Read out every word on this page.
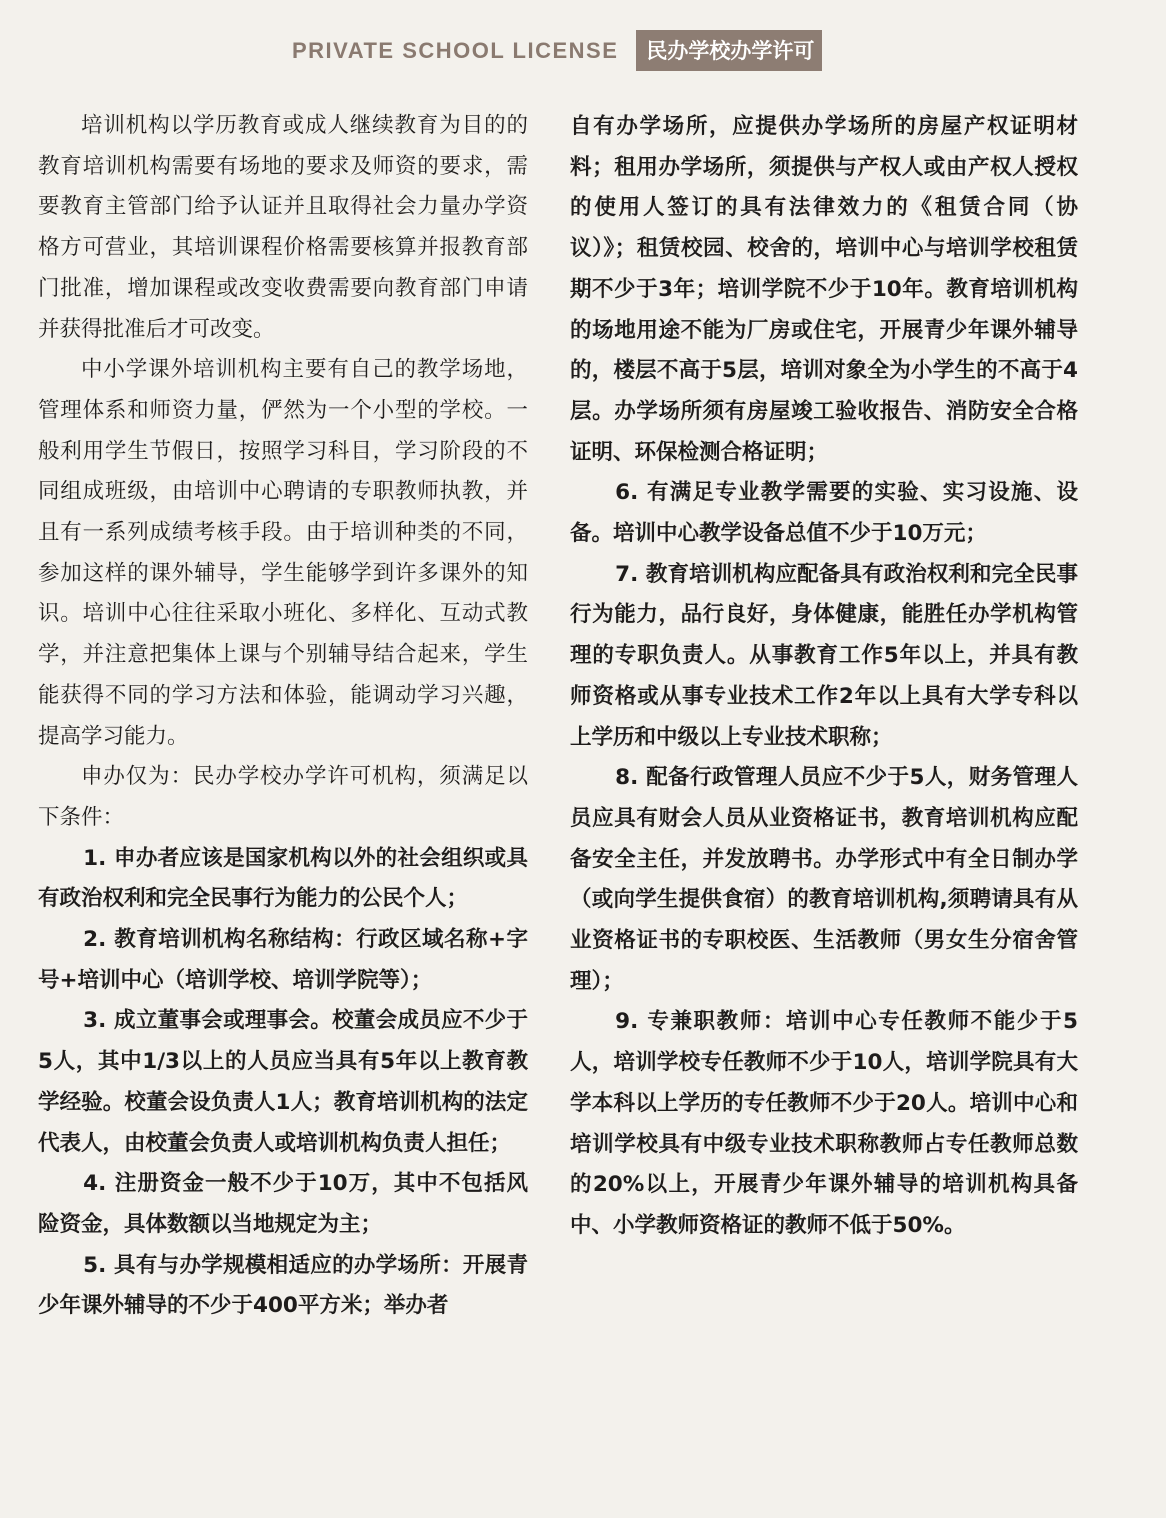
PRIVATE SCHOOL LICENSE	民办学校办学许可

培训机构以学历教育或成人继续教育为目的的教育培训机构需要有场地的要求及师资的要求，需要教育主管部门给予认证并且取得社会力量办学资格方可营业，其培训课程价格需要核算并报教育部门批准，增加课程或改变收费需要向教育部门申请并获得批准后才可改变。

中小学课外培训机构主要有自己的教学场地，管理体系和师资力量，俨然为一个小型的学校。一般利用学生节假日，按照学习科目，学习阶段的不同组成班级，由培训中心聘请的专职教师执教，并且有一系列成绩考核手段。由于培训种类的不同，参加这样的课外辅导，学生能够学到许多课外的知识。培训中心往往采取小班化、多样化、互动式教学，并注意把集体上课与个别辅导结合起来，学生能获得不同的学习方法和体验，能调动学习兴趣，提高学习能力。

申办仅为：民办学校办学许可机构，须满足以下条件：

1. 申办者应该是国家机构以外的社会组织或具有政治权利和完全民事行为能力的公民个人；

2. 教育培训机构名称结构：行政区域名称+字号+培训中心（培训学校、培训学院等）；

3. 成立董事会或理事会。校董会成员应不少于5人，其中1/3以上的人员应当具有5年以上教育教学经验。校董会设负责人1人；教育培训机构的法定代表人，由校董会负责人或培训机构负责人担任；

4. 注册资金一般不少于10万，其中不包括风险资金，具体数额以当地规定为主；

5. 具有与办学规模相适应的办学场所：开展青少年课外辅导的不少于400平方米；举办者

自有办学场所，应提供办学场所的房屋产权证明材料；租用办学场所，须提供与产权人或由产权人授权的使用人签订的具有法律效力的《租赁合同（协议）》；租赁校园、校舍的，培训中心与培训学校租赁期不少于3年；培训学院不少于10年。教育培训机构的场地用途不能为厂房或住宅，开展青少年课外辅导的，楼层不高于5层，培训对象全为小学生的不高于4层。办学场所须有房屋竣工验收报告、消防安全合格证明、环保检测合格证明；

6. 有满足专业教学需要的实验、实习设施、设备。培训中心教学设备总值不少于10万元；

7. 教育培训机构应配备具有政治权利和完全民事行为能力，品行良好，身体健康，能胜任办学机构管理的专职负责人。从事教育工作5年以上，并具有教师资格或从事专业技术工作2年以上具有大学专科以上学历和中级以上专业技术职称；

8. 配备行政管理人员应不少于5人，财务管理人员应具有财会人员从业资格证书，教育培训机构应配备安全主任，并发放聘书。办学形式中有全日制办学（或向学生提供食宿）的教育培训机构,须聘请具有从业资格证书的专职校医、生活教师（男女生分宿舍管理）；

9. 专兼职教师：培训中心专任教师不能少于5人，培训学校专任教师不少于10人，培训学院具有大学本科以上学历的专任教师不少于20人。培训中心和培训学校具有中级专业技术职称教师占专任教师总数的20%以上，开展青少年课外辅导的培训机构具备中、小学教师资格证的教师不低于50%。
